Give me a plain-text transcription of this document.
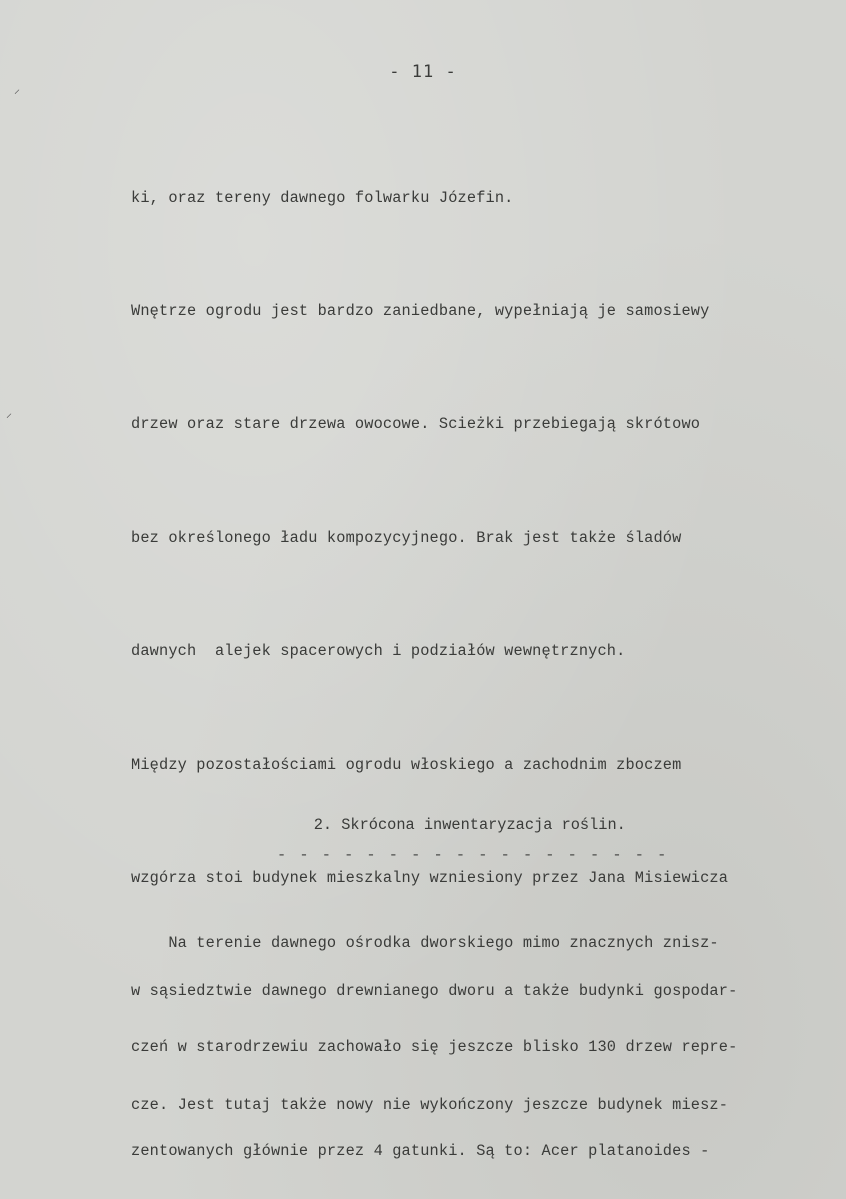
⸝
⸝
- 11 -

ki, oraz tereny dawnego folwarku Józefin.

Wnętrze ogrodu jest bardzo zaniedbane, wypełniają je samosiewy

drzew oraz stare drzewa owocowe. Scieżki przebiegają skrótowo

bez określonego ładu kompozycyjnego. Brak jest także śladów

dawnych  alejek spacerowych i podziałów wewnętrznych.

Między pozostałościami ogrodu włoskiego a zachodnim zboczem

wzgórza stoi budynek mieszkalny wzniesiony przez Jana Misiewicza

w sąsiedztwie dawnego drewnianego dworu a także budynki gospodar-

cze. Jest tutaj także nowy nie wykończony jeszcze budynek miesz-

2. Skrócona inwentaryzacja roślin.

- - - - - - - - - - - - - - - - - -

Na terenie dawnego ośrodka dworskiego mimo znacznych znisz-

czeń w starodrzewiu zachowało się jeszcze blisko 130 drzew repre-

zentowanych głównie przez 4 gatunki. Są to: Acer platanoides -
